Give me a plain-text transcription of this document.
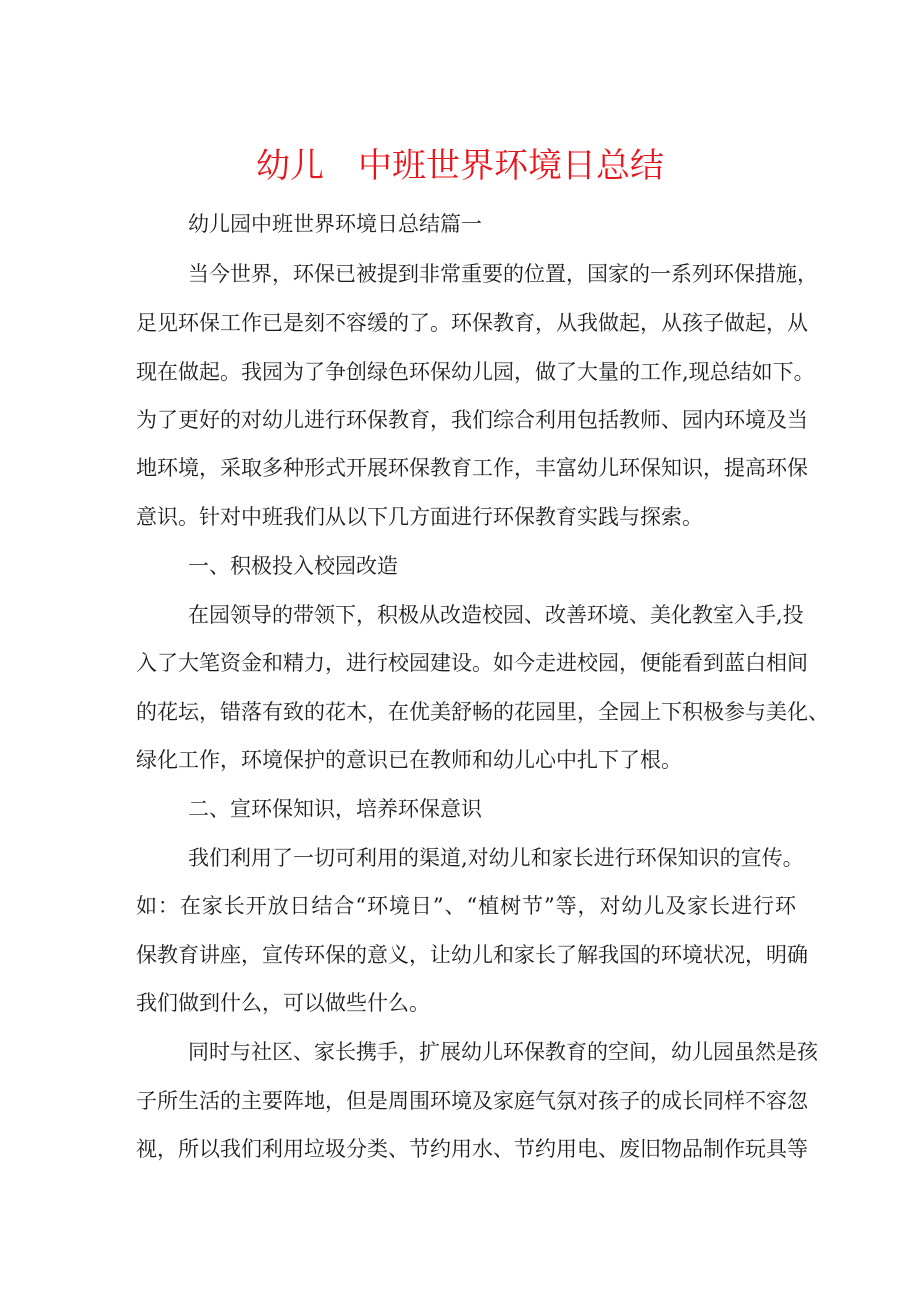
幼儿 中班世界环境日总结

幼儿园中班世界环境日总结篇一

当今世界，环保已被提到非常重要的位置，国家的一系列环保措施，

足见环保工作已是刻不容缓的了。环保教育，从我做起，从孩子做起，从

现在做起。我园为了争创绿色环保幼儿园，做了大量的工作,现总结如下。

为了更好的对幼儿进行环保教育，我们综合利用包括教师、园内环境及当

地环境，采取多种形式开展环保教育工作，丰富幼儿环保知识，提高环保

意识。针对中班我们从以下几方面进行环保教育实践与探索。

一、积极投入校园改造

在园领导的带领下，积极从改造校园、改善环境、美化教室入手,投

入了大笔资金和精力，进行校园建设。如今走进校园，便能看到蓝白相间

的花坛，错落有致的花木，在优美舒畅的花园里，全园上下积极参与美化、

绿化工作，环境保护的意识已在教师和幼儿心中扎下了根。

二、宣环保知识，培养环保意识

我们利用了一切可利用的渠道,对幼儿和家长进行环保知识的宣传。

如：在家长开放日结合“环境日”、“植树节”等，对幼儿及家长进行环

保教育讲座，宣传环保的意义，让幼儿和家长了解我国的环境状况，明确

我们做到什么，可以做些什么。

同时与社区、家长携手，扩展幼儿环保教育的空间，幼儿园虽然是孩

子所生活的主要阵地，但是周围环境及家庭气氛对孩子的成长同样不容忽

视，所以我们利用垃圾分类、节约用水、节约用电、废旧物品制作玩具等
